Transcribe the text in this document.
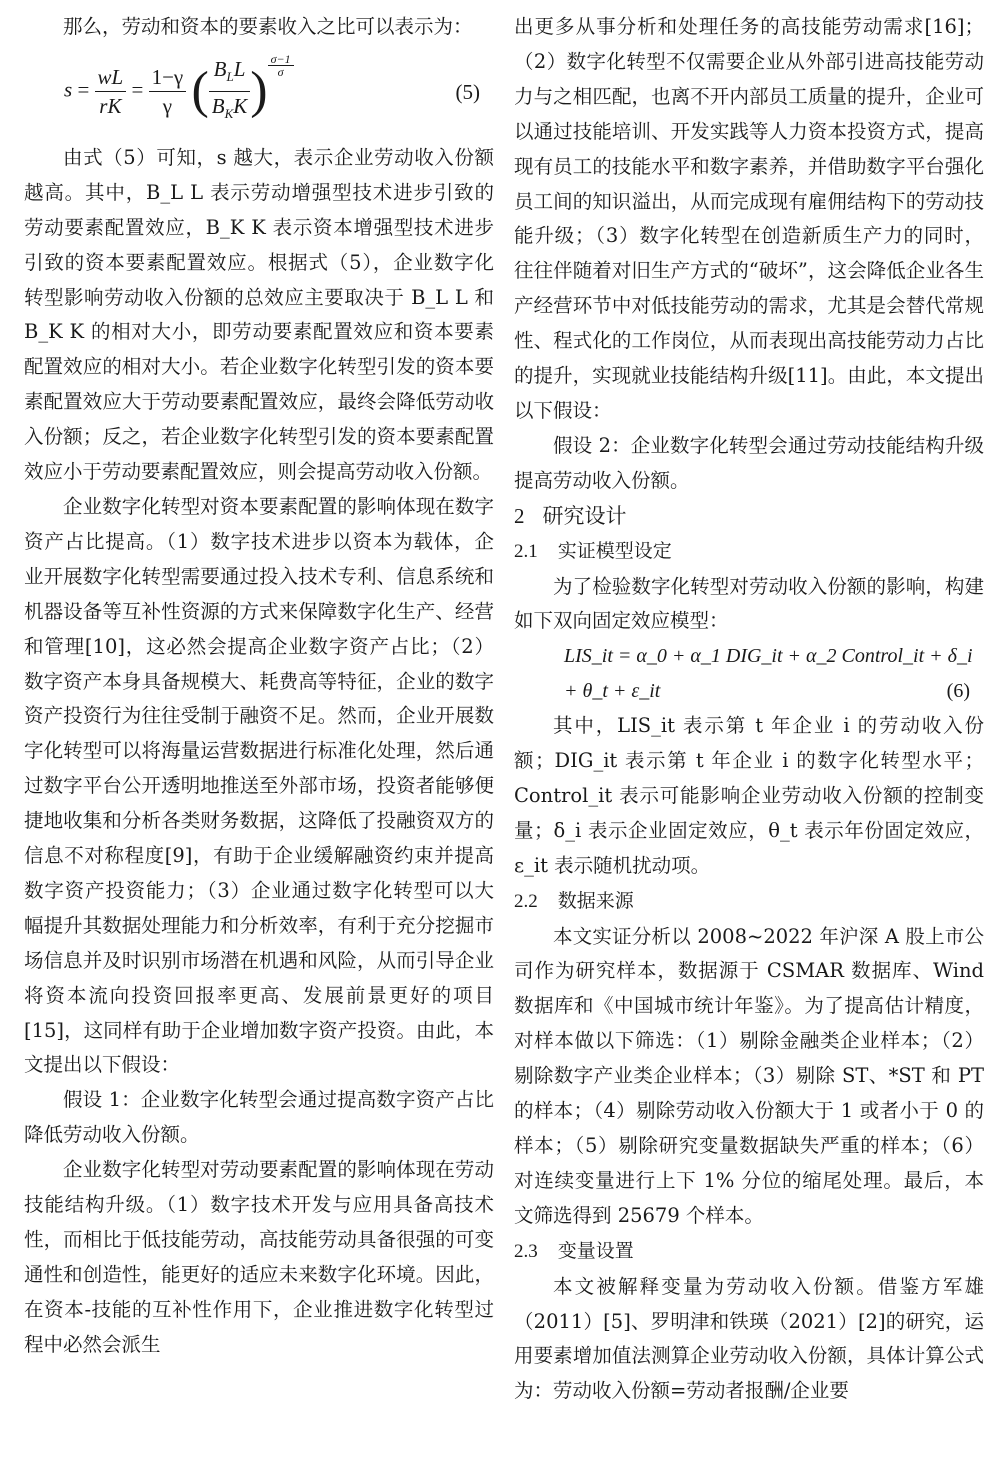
那么，劳动和资本的要素收入之比可以表示为：

$s = \frac{wL}{rK} = \frac{1-\gamma}{\gamma}$ ( $\frac{B_LL}{B_KK}$ ) $\frac{\sigma-1}{\sigma}$
(5)

由式（5）可知，s 越大，表示企业劳动收入份额越高。其中，B_L L 表示劳动增强型技术进步引致的劳动要素配置效应，B_K K 表示资本增强型技术进步引致的资本要素配置效应。根据式（5），企业数字化转型影响劳动收入份额的总效应主要取决于 B_L L 和 B_K K 的相对大小，即劳动要素配置效应和资本要素配置效应的相对大小。若企业数字化转型引发的资本要素配置效应大于劳动要素配置效应，最终会降低劳动收入份额；反之，若企业数字化转型引发的资本要素配置效应小于劳动要素配置效应，则会提高劳动收入份额。

企业数字化转型对资本要素配置的影响体现在数字资产占比提高。（1）数字技术进步以资本为载体，企业开展数字化转型需要通过投入技术专利、信息系统和机器设备等互补性资源的方式来保障数字化生产、经营和管理[10]，这必然会提高企业数字资产占比；（2）数字资产本身具备规模大、耗费高等特征，企业的数字资产投资行为往往受制于融资不足。然而，企业开展数字化转型可以将海量运营数据进行标准化处理，然后通过数字平台公开透明地推送至外部市场，投资者能够便捷地收集和分析各类财务数据，这降低了投融资双方的信息不对称程度[9]，有助于企业缓解融资约束并提高数字资产投资能力；（3）企业通过数字化转型可以大幅提升其数据处理能力和分析效率，有利于充分挖掘市场信息并及时识别市场潜在机遇和风险，从而引导企业将资本流向投资回报率更高、发展前景更好的项目[15]，这同样有助于企业增加数字资产投资。由此，本文提出以下假设：

假设 1：企业数字化转型会通过提高数字资产占比降低劳动收入份额。

企业数字化转型对劳动要素配置的影响体现在劳动技能结构升级。（1）数字技术开发与应用具备高技术性，而相比于低技能劳动，高技能劳动具备很强的可变通性和创造性，能更好的适应未来数字化环境。因此，在资本-技能的互补性作用下，企业推进数字化转型过程中必然会派生

出更多从事分析和处理任务的高技能劳动需求[16]；（2）数字化转型不仅需要企业从外部引进高技能劳动力与之相匹配，也离不开内部员工质量的提升，企业可以通过技能培训、开发实践等人力资本投资方式，提高现有员工的技能水平和数字素养，并借助数字平台强化员工间的知识溢出，从而完成现有雇佣结构下的劳动技能升级；（3）数字化转型在创造新质生产力的同时，往往伴随着对旧生产方式的“破坏”，这会降低企业各生产经营环节中对低技能劳动的需求，尤其是会替代常规性、程式化的工作岗位，从而表现出高技能劳动力占比的提升，实现就业技能结构升级[11]。由此，本文提出以下假设：

假设 2：企业数字化转型会通过劳动技能结构升级提高劳动收入份额。

2 研究设计

2.1 实证模型设定

为了检验数字化转型对劳动收入份额的影响，构建如下双向固定效应模型：

LIS_it = α_0 + α_1 DIG_it + α_2 Control_it + δ_i + θ_t + ε_it	(6)

其中，LIS_it 表示第 t 年企业 i 的劳动收入份额；DIG_it 表示第 t 年企业 i 的数字化转型水平；Control_it 表示可能影响企业劳动收入份额的控制变量；δ_i 表示企业固定效应，θ_t 表示年份固定效应，ε_it 表示随机扰动项。

2.2 数据来源

本文实证分析以 2008~2022 年沪深 A 股上市公司作为研究样本，数据源于 CSMAR 数据库、Wind 数据库和《中国城市统计年鉴》。为了提高估计精度，对样本做以下筛选：（1）剔除金融类企业样本；（2）剔除数字产业类企业样本；（3）剔除 ST、*ST 和 PT 的样本；（4）剔除劳动收入份额大于 1 或者小于 0 的样本；（5）剔除研究变量数据缺失严重的样本；（6）对连续变量进行上下 1% 分位的缩尾处理。最后，本文筛选得到 25679 个样本。

2.3 变量设置

本文被解释变量为劳动收入份额。借鉴方军雄（2011）[5]、罗明津和铁瑛（2021）[2]的研究，运用要素增加值法测算企业劳动收入份额，具体计算公式为：劳动收入份额=劳动者报酬/企业要
